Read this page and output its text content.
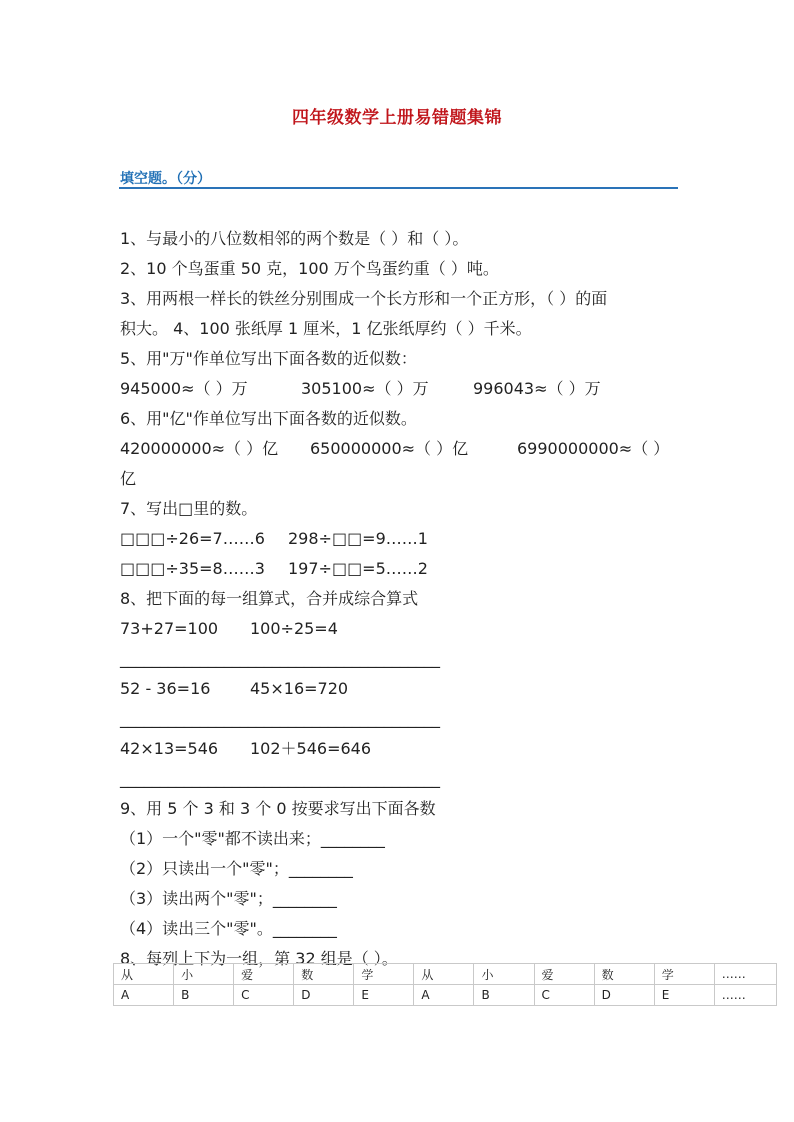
四年级数学上册易错题集锦
填空题。（分）
1、与最小的八位数相邻的两个数是（ ）和（ ）。
2、10 个鸟蛋重 50 克，100 万个鸟蛋约重（ ）吨。
3、用两根一样长的铁丝分别围成一个长方形和一个正方形，（ ）的面
积大。 4、100 张纸厚 1 厘米，1 亿张纸厚约（ ）千米。
5、用"万"作单位写出下面各数的近似数：
945000≈（ ）万	305100≈（ ）万	996043≈（ ）万
6、用"亿"作单位写出下面各数的近似数。
420000000≈（ ）亿 650000000≈（ ）亿	6990000000≈（ ）
亿
7、写出□里的数。
□□□÷26=7……6 298÷□□=9……1
□□□÷35=8……3 197÷□□=5……2
8、把下面的每一组算式，合并成综合算式
73+27=100 100÷25=4
________________________________________
52 - 36=16 45×16=720
________________________________________
42×13=546 102＋546=646
________________________________________
9、用 5 个 3 和 3 个 0 按要求写出下面各数
（1）一个"零"都不读出来；________
（2）只读出一个"零"；________
（3）读出两个"零"；________
（4）读出三个"零"。________
8、每列上下为一组，第 32 组是（ ）。
从	小	爱	数	学	从	小	爱	数	学	……
A	B	C	D	E	A	B	C	D	E	……
